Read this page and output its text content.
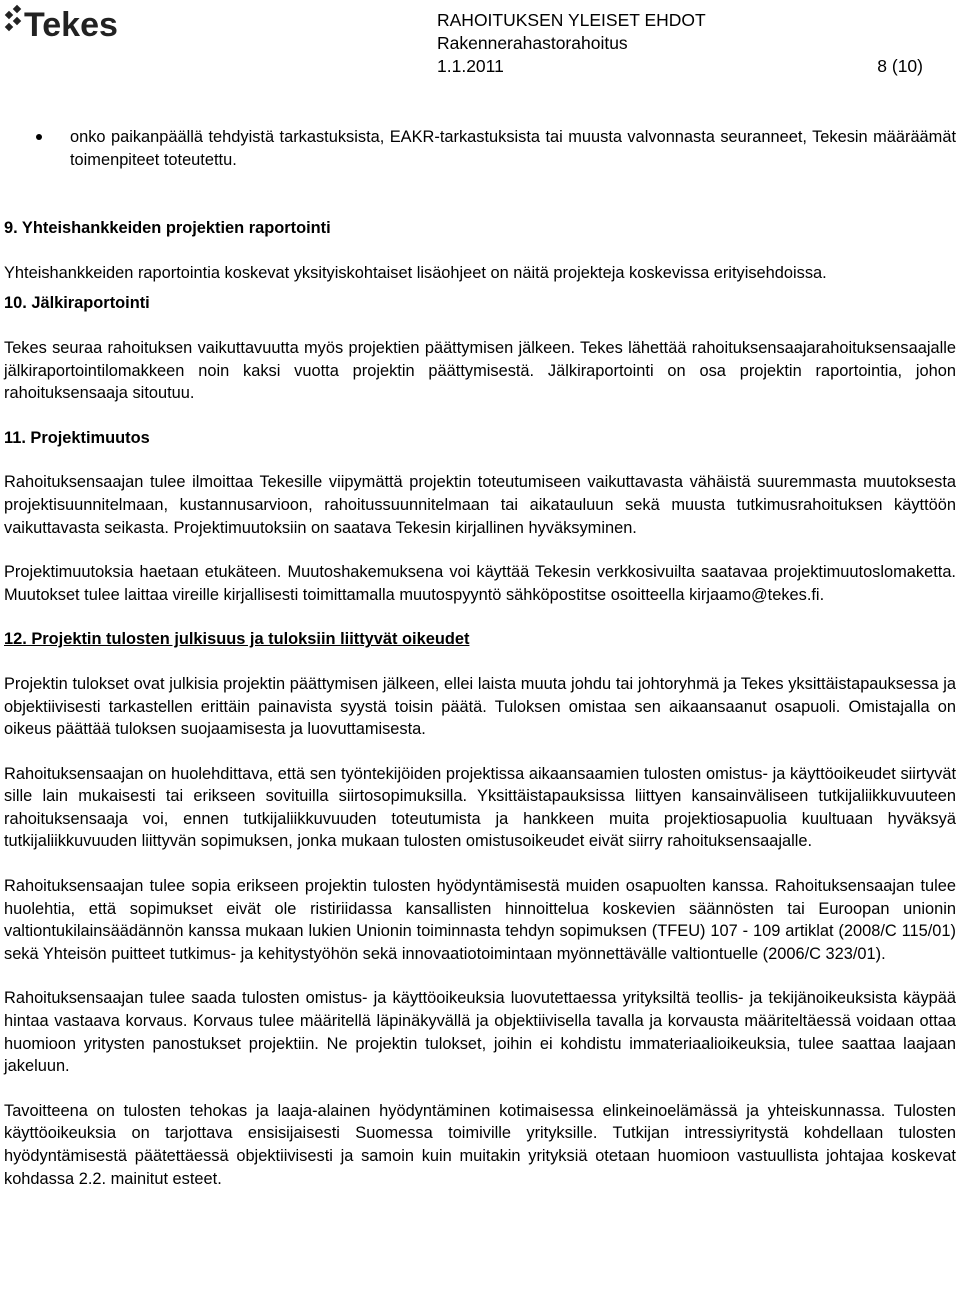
Tekes	RAHOITUKSEN YLEISET EHDOT
Rakennerahastorahoitus
1.1.2011	8 (10)

onko paikanpäällä tehdyistä tarkastuksista, EAKR-tarkastuksista tai muusta valvonnasta seuranneet, Tekesin määräämät toimenpiteet toteutettu.

9. Yhteishankkeiden projektien raportointi

Yhteishankkeiden raportointia koskevat yksityiskohtaiset lisäohjeet on näitä projekteja koskevissa erityisehdoissa.

10. Jälkiraportointi

Tekes seuraa rahoituksen vaikuttavuutta myös projektien päättymisen jälkeen. Tekes lähettää rahoituksensaajarahoituksensaajalle jälkiraportointilomakkeen noin kaksi vuotta projektin päättymisestä. Jälkiraportointi on osa projektin raportointia, johon rahoituksensaaja sitoutuu.

11. Projektimuutos

Rahoituksensaajan tulee ilmoittaa Tekesille viipymättä projektin toteutumiseen vaikuttavasta vähäistä suuremmasta muutoksesta projektisuunnitelmaan, kustannusarvioon, rahoitussuunnitelmaan tai aikatauluun sekä muusta tutkimusrahoituksen käyttöön vaikuttavasta seikasta. Projektimuutoksiin on saatava Tekesin kirjallinen hyväksyminen.

Projektimuutoksia haetaan etukäteen. Muutoshakemuksena voi käyttää Tekesin verkkosivuilta saatavaa projektimuutoslomaketta. Muutokset tulee laittaa vireille kirjallisesti toimittamalla muutospyyntö sähköpostitse osoitteella kirjaamo@tekes.fi.

12. Projektin tulosten julkisuus ja tuloksiin liittyvät oikeudet

Projektin tulokset ovat julkisia projektin päättymisen jälkeen, ellei laista muuta johdu tai johtoryhmä ja Tekes yksittäistapauksessa ja objektiivisesti tarkastellen erittäin painavista syystä toisin päätä. Tuloksen omistaa sen aikaansaanut osapuoli. Omistajalla on oikeus päättää tuloksen suojaamisesta ja luovuttamisesta.

Rahoituksensaajan on huolehdittava, että sen työntekijöiden projektissa aikaansaamien tulosten omistus- ja käyttöoikeudet siirtyvät sille lain mukaisesti tai erikseen sovituilla siirtosopimuksilla. Yksittäistapauksissa liittyen kansainväliseen tutkijaliikkuvuuteen rahoituksensaaja voi, ennen tutkijaliikkuvuuden toteutumista ja hankkeen muita projektiosapuolia kuultuaan hyväksyä tutkijaliikkuvuuden liittyvän sopimuksen, jonka mukaan tulosten omistusoikeudet eivät siirry rahoituksensaajalle.

Rahoituksensaajan tulee sopia erikseen projektin tulosten hyödyntämisestä muiden osapuolten kanssa. Rahoituksensaajan tulee huolehtia, että sopimukset eivät ole ristiriidassa kansallisten hinnoittelua koskevien säännösten tai Euroopan unionin valtiontukilainsäädännön kanssa mukaan lukien Unionin toiminnasta tehdyn sopimuksen (TFEU) 107 - 109 artiklat (2008/C 115/01) sekä Yhteisön puitteet tutkimus- ja kehitystyöhön sekä innovaatiotoimintaan myönnettävälle valtiontuelle (2006/C 323/01).

Rahoituksensaajan tulee saada tulosten omistus- ja käyttöoikeuksia luovutettaessa yrityksiltä teollis- ja tekijänoikeuksista käypää hintaa vastaava korvaus. Korvaus tulee määritellä läpinäkyvällä ja objektiivisella tavalla ja korvausta määriteltäessä voidaan ottaa huomioon yritysten panostukset projektiin. Ne projektin tulokset, joihin ei kohdistu immateriaalioikeuksia, tulee saattaa laajaan jakeluun.

Tavoitteena on tulosten tehokas ja laaja-alainen hyödyntäminen kotimaisessa elinkeinoelämässä ja yhteiskunnassa. Tulosten käyttöoikeuksia on tarjottava ensisijaisesti Suomessa toimiville yrityksille. Tutkijan intressiyritystä kohdellaan tulosten hyödyntämisestä päätettäessä objektiivisesti ja samoin kuin muitakin yrityksiä otetaan huomioon vastuullista johtajaa koskevat kohdassa 2.2. mainitut esteet.
